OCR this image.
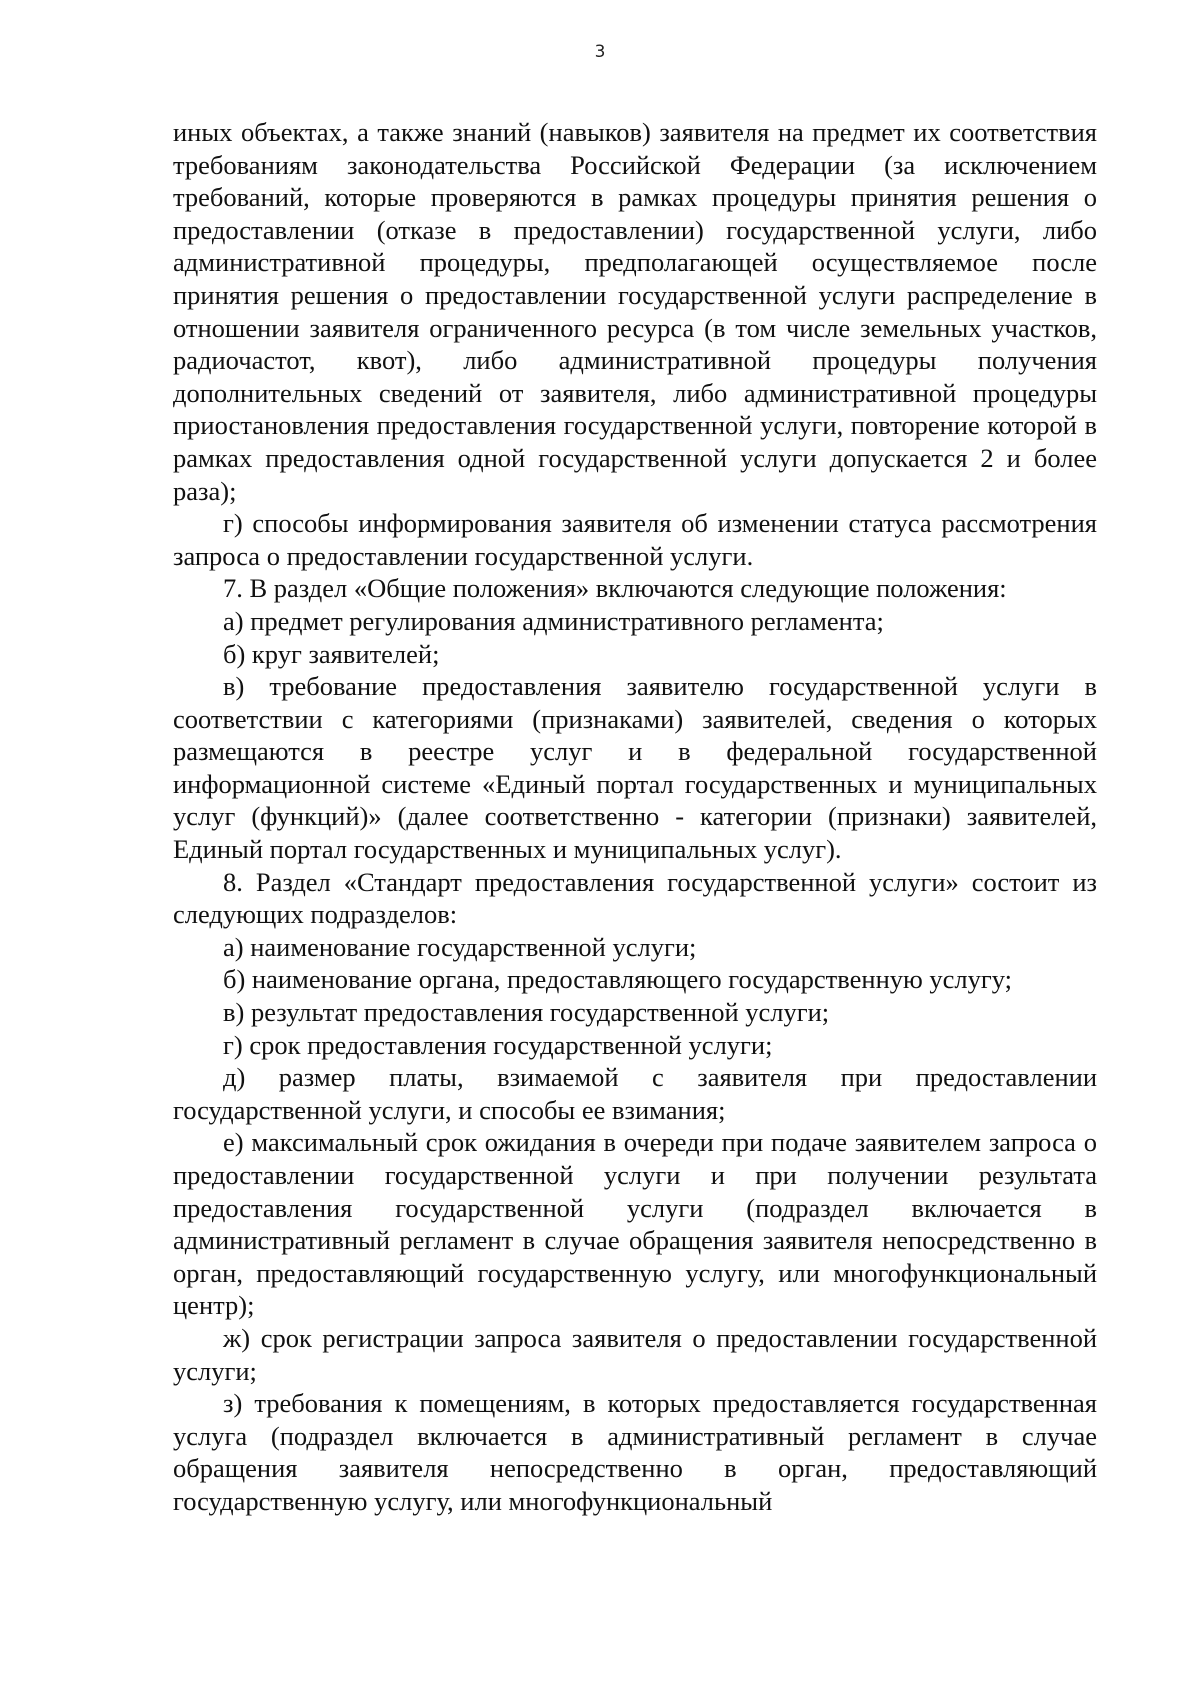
3

иных объектах, а также знаний (навыков) заявителя на предмет их соответствия требованиям законодательства Российской Федерации (за исключением требований, которые проверяются в рамках процедуры принятия решения о предоставлении (отказе в предоставлении) государственной услуги, либо административной процедуры, предполагающей осуществляемое после принятия решения о предоставлении государственной услуги распределение в отношении заявителя ограниченного ресурса (в том числе земельных участков, радиочастот, квот), либо административной процедуры получения дополнительных сведений от заявителя, либо административной процедуры приостановления предоставления государственной услуги, повторение которой в рамках предоставления одной государственной услуги допускается 2 и более раза);

г) способы информирования заявителя об изменении статуса рассмотрения запроса о предоставлении государственной услуги.

7. В раздел «Общие положения» включаются следующие положения:

а) предмет регулирования административного регламента;

б) круг заявителей;

в) требование предоставления заявителю государственной услуги в соответствии с категориями (признаками) заявителей, сведения о которых размещаются в реестре услуг и в федеральной государственной информационной системе «Единый портал государственных и муниципальных услуг (функций)» (далее соответственно - категории (признаки) заявителей, Единый портал государственных и муниципальных услуг).

8. Раздел «Стандарт предоставления государственной услуги» состоит из следующих подразделов:

а) наименование государственной услуги;

б) наименование органа, предоставляющего государственную услугу;

в) результат предоставления государственной услуги;

г) срок предоставления государственной услуги;

д) размер платы, взимаемой с заявителя при предоставлении государственной услуги, и способы ее взимания;

е) максимальный срок ожидания в очереди при подаче заявителем запроса о предоставлении государственной услуги и при получении результата предоставления государственной услуги (подраздел включается в административный регламент в случае обращения заявителя непосредственно в орган, предоставляющий государственную услугу, или многофункциональный центр);

ж) срок регистрации запроса заявителя о предоставлении государственной услуги;

з) требования к помещениям, в которых предоставляется государственная услуга (подраздел включается в административный регламент в случае обращения заявителя непосредственно в орган, предоставляющий государственную услугу, или многофункциональный
